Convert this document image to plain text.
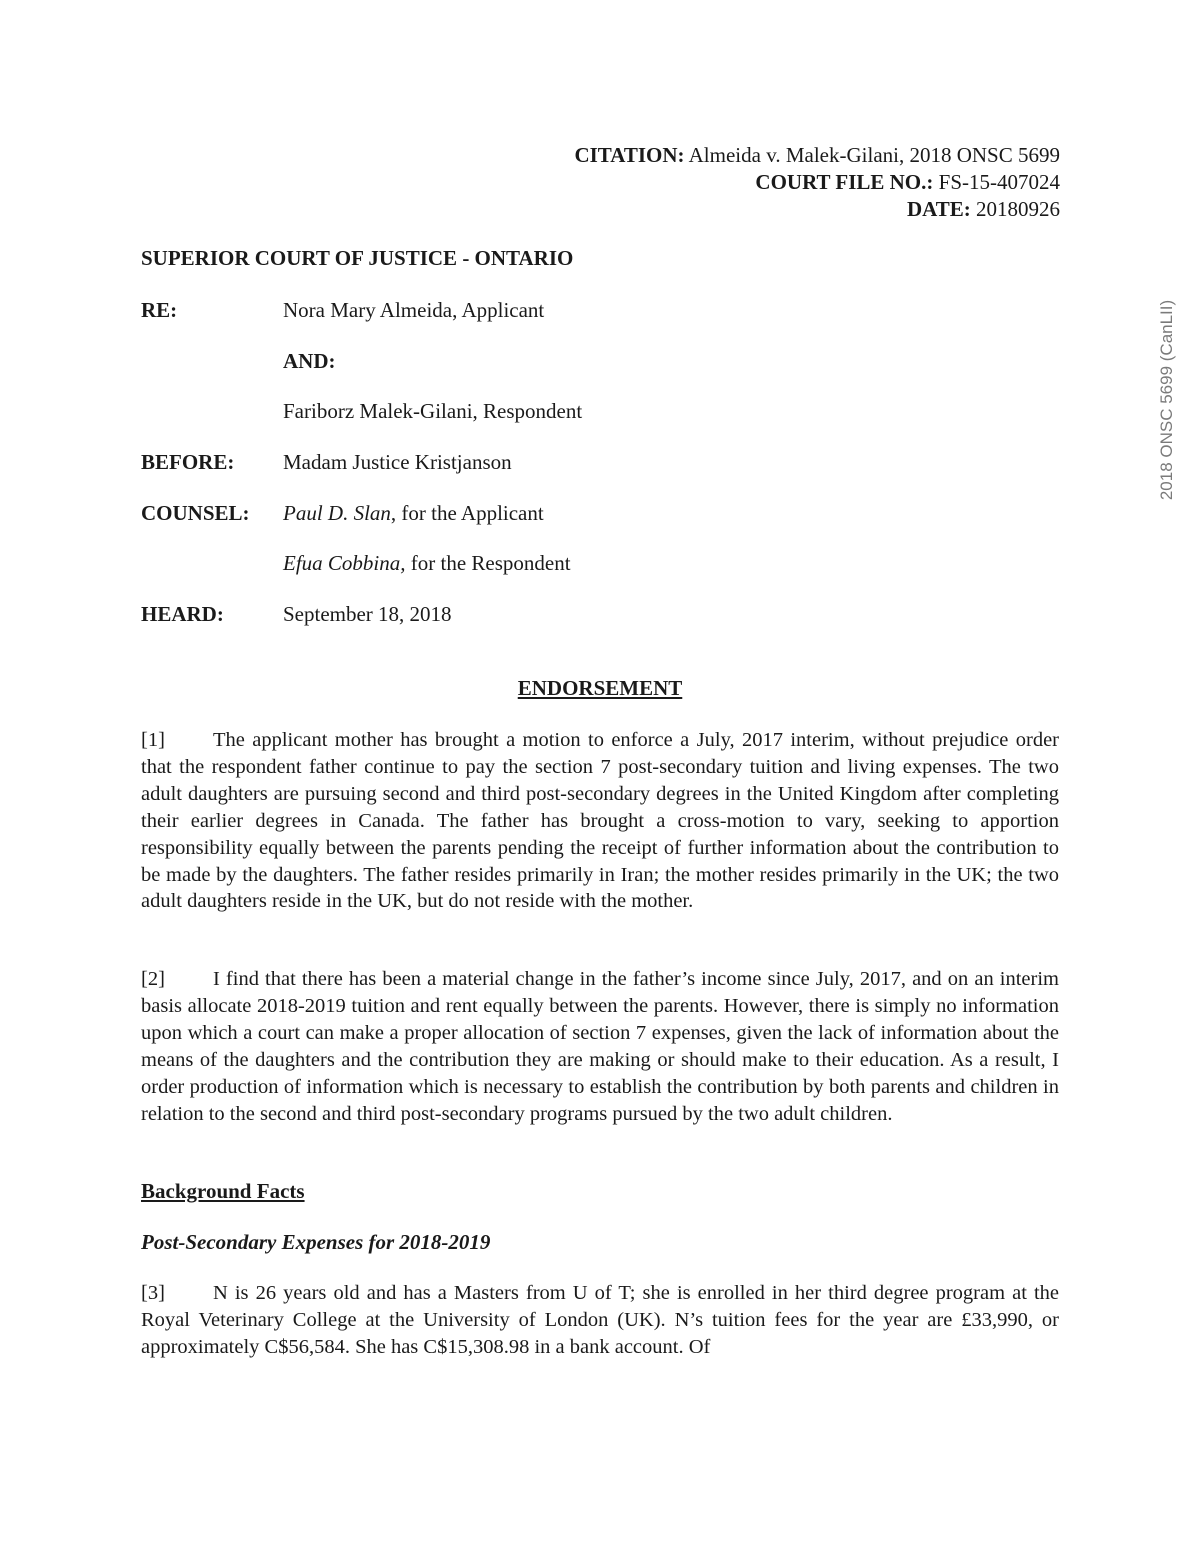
CITATION: Almeida v. Malek-Gilani, 2018 ONSC 5699
COURT FILE NO.: FS-15-407024
DATE: 20180926
SUPERIOR COURT OF JUSTICE - ONTARIO
RE:	Nora Mary Almeida, Applicant
AND:
Fariborz Malek-Gilani, Respondent
BEFORE: Madam Justice Kristjanson
COUNSEL: Paul D. Slan, for the Applicant
Efua Cobbina, for the Respondent
HEARD:	September 18, 2018
ENDORSEMENT
[1] The applicant mother has brought a motion to enforce a July, 2017 interim, without prejudice order that the respondent father continue to pay the section 7 post-secondary tuition and living expenses. The two adult daughters are pursuing second and third post-secondary degrees in the United Kingdom after completing their earlier degrees in Canada. The father has brought a cross-motion to vary, seeking to apportion responsibility equally between the parents pending the receipt of further information about the contribution to be made by the daughters. The father resides primarily in Iran; the mother resides primarily in the UK; the two adult daughters reside in the UK, but do not reside with the mother.
[2] I find that there has been a material change in the father’s income since July, 2017, and on an interim basis allocate 2018-2019 tuition and rent equally between the parents. However, there is simply no information upon which a court can make a proper allocation of section 7 expenses, given the lack of information about the means of the daughters and the contribution they are making or should make to their education. As a result, I order production of information which is necessary to establish the contribution by both parents and children in relation to the second and third post-secondary programs pursued by the two adult children.
Background Facts
Post-Secondary Expenses for 2018-2019
[3] N is 26 years old and has a Masters from U of T; she is enrolled in her third degree program at the Royal Veterinary College at the University of London (UK). N’s tuition fees for the year are £33,990, or approximately C$56,584. She has C$15,308.98 in a bank account. Of
2018 ONSC 5699 (CanLII)
